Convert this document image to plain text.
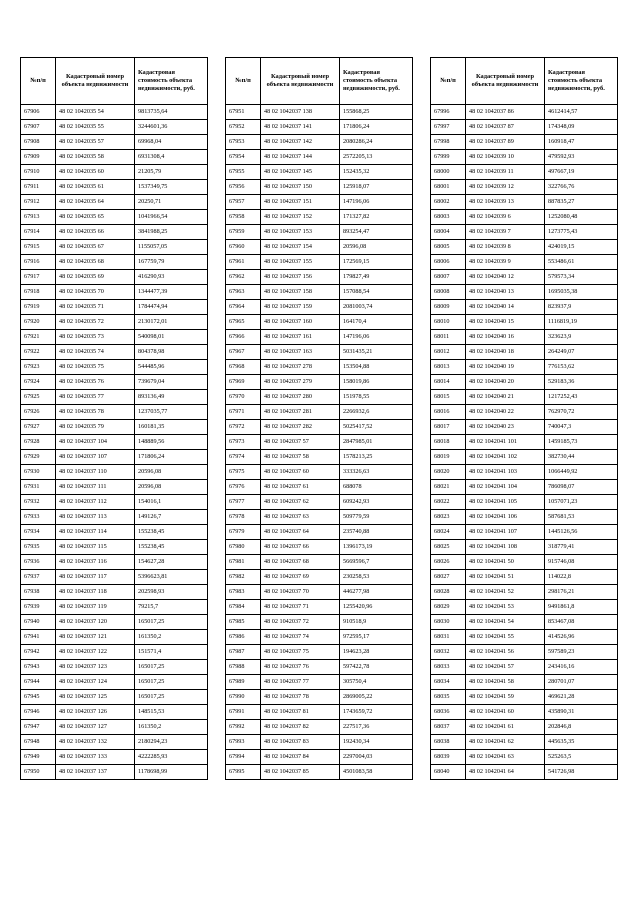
№п/п	Кадастровый номер объекта недвижимости	Кадастровая стоимость объекта недвижимости, руб.
67906	48 02 1042035 54	9813735,64
67907	48 02 1042035 55	3244601,36
67908	48 02 1042035 57	69968,04
67909	48 02 1042035 58	6931308,4
67910	48 02 1042035 60	21205,79
67911	48 02 1042035 61	1537349,75
67912	48 02 1042035 64	20250,71
67913	48 02 1042035 65	1041966,54
67914	48 02 1042035 66	3841988,25
67915	48 02 1042035 67	1155057,05
67916	48 02 1042035 68	167759,79
67917	48 02 1042035 69	416290,93
67918	48 02 1042035 70	1344477,39
67919	48 02 1042035 71	1784474,94
67920	48 02 1042035 72	2130172,01
67921	48 02 1042035 73	540098,01
67922	48 02 1042035 74	804378,98
67923	48 02 1042035 75	544485,96
67924	48 02 1042035 76	739679,04
67925	48 02 1042035 77	893136,49
67926	48 02 1042035 78	1237035,77
67927	48 02 1042035 79	160181,35
67928	48 02 1042037 104	148889,56
67929	48 02 1042037 107	171806,24
67930	48 02 1042037 110	20596,08
67931	48 02 1042037 111	20596,08
67932	48 02 1042037 112	154016,1
67933	48 02 1042037 113	149126,7
67934	48 02 1042037 114	155238,45
67935	48 02 1042037 115	155238,45
67936	48 02 1042037 116	154627,28
67937	48 02 1042037 117	5396623,81
67938	48 02 1042037 118	202598,93
67939	48 02 1042037 119	79215,7
67940	48 02 1042037 120	165017,25
67941	48 02 1042037 121	161350,2
67942	48 02 1042037 122	151571,4
67943	48 02 1042037 123	165017,25
67944	48 02 1042037 124	165017,25
67945	48 02 1042037 125	165017,25
67946	48 02 1042037 126	148515,53
67947	48 02 1042037 127	161350,2
67948	48 02 1042037 132	2180294,23
67949	48 02 1042037 133	4222285,93
67950	48 02 1042037 137	1178698,99
№п/п	Кадастровый номер объекта недвижимости	Кадастровая стоимость объекта недвижимости, руб.
67951	48 02 1042037 138	155868,25
67952	48 02 1042037 141	171806,24
67953	48 02 1042037 142	2080286,24
67954	48 02 1042037 144	2572205,13
67955	48 02 1042037 145	152435,32
67956	48 02 1042037 150	125918,07
67957	48 02 1042037 151	147196,06
67958	48 02 1042037 152	171327,82
67959	48 02 1042037 153	893254,47
67960	48 02 1042037 154	20596,08
67961	48 02 1042037 155	172569,15
67962	48 02 1042037 156	179827,49
67963	48 02 1042037 158	157088,54
67964	48 02 1042037 159	2081003,74
67965	48 02 1042037 160	164170,4
67966	48 02 1042037 161	147196,06
67967	48 02 1042037 163	5031435,21
67968	48 02 1042037 278	153504,88
67969	48 02 1042037 279	158019,86
67970	48 02 1042037 280	151978,55
67971	48 02 1042037 281	2266932,6
67972	48 02 1042037 282	5025417,52
67973	48 02 1042037 57	2847985,01
67974	48 02 1042037 58	1578213,25
67975	48 02 1042037 60	333326,63
67976	48 02 1042037 61	688078
67977	48 02 1042037 62	609242,93
67978	48 02 1042037 63	509779,59
67979	48 02 1042037 64	235740,88
67980	48 02 1042037 66	1396173,19
67981	48 02 1042037 68	5669596,7
67982	48 02 1042037 69	230258,53
67983	48 02 1042037 70	446277,98
67984	48 02 1042037 71	1255420,96
67985	48 02 1042037 72	910518,9
67986	48 02 1042037 74	972595,17
67987	48 02 1042037 75	194623,28
67988	48 02 1042037 76	597422,78
67989	48 02 1042037 77	305750,4
67990	48 02 1042037 78	2869005,22
67991	48 02 1042037 81	1743659,72
67992	48 02 1042037 82	227517,36
67993	48 02 1042037 83	192430,34
67994	48 02 1042037 84	2297004,03
67995	48 02 1042037 85	4501083,58
№п/п	Кадастровый номер объекта недвижимости	Кадастровая стоимость объекта недвижимости, руб.
67996	48 02 1042037 86	4612414,57
67997	48 02 1042037 87	174348,09
67998	48 02 1042037 89	160918,47
67999	48 02 1042039 10	479592,93
68000	48 02 1042039 11	497667,19
68001	48 02 1042039 12	322766,76
68002	48 02 1042039 13	887835,27
68003	48 02 1042039 6	1252080,48
68004	48 02 1042039 7	1273775,43
68005	48 02 1042039 8	424019,15
68006	48 02 1042039 9	553486,61
68007	48 02 1042040 12	579573,34
68008	48 02 1042040 13	1695035,38
68009	48 02 1042040 14	823937,9
68010	48 02 1042040 15	1116819,19
68011	48 02 1042040 16	323623,9
68012	48 02 1042040 18	264249,07
68013	48 02 1042040 19	776153,62
68014	48 02 1042040 20	529183,36
68015	48 02 1042040 21	1217252,43
68016	48 02 1042040 22	762970,72
68017	48 02 1042040 23	740047,3
68018	48 02 1042041 101	1459185,73
68019	48 02 1042041 102	382730,44
68020	48 02 1042041 103	1066449,92
68021	48 02 1042041 104	786098,07
68022	48 02 1042041 105	1057071,23
68023	48 02 1042041 106	587681,53
68024	48 02 1042041 107	1445126,56
68025	48 02 1042041 108	318779,41
68026	48 02 1042041 50	915746,08
68027	48 02 1042041 51	114022,8
68028	48 02 1042041 52	298176,21
68029	48 02 1042041 53	9491861,8
68030	48 02 1042041 54	853467,08
68031	48 02 1042041 55	414526,96
68032	48 02 1042041 56	597589,23
68033	48 02 1042041 57	243416,16
68034	48 02 1042041 58	280701,07
68035	48 02 1042041 59	469621,28
68036	48 02 1042041 60	435890,31
68037	48 02 1042041 61	202846,8
68038	48 02 1042041 62	445635,35
68039	48 02 1042041 63	525263,5
68040	48 02 1042041 64	541726,98
